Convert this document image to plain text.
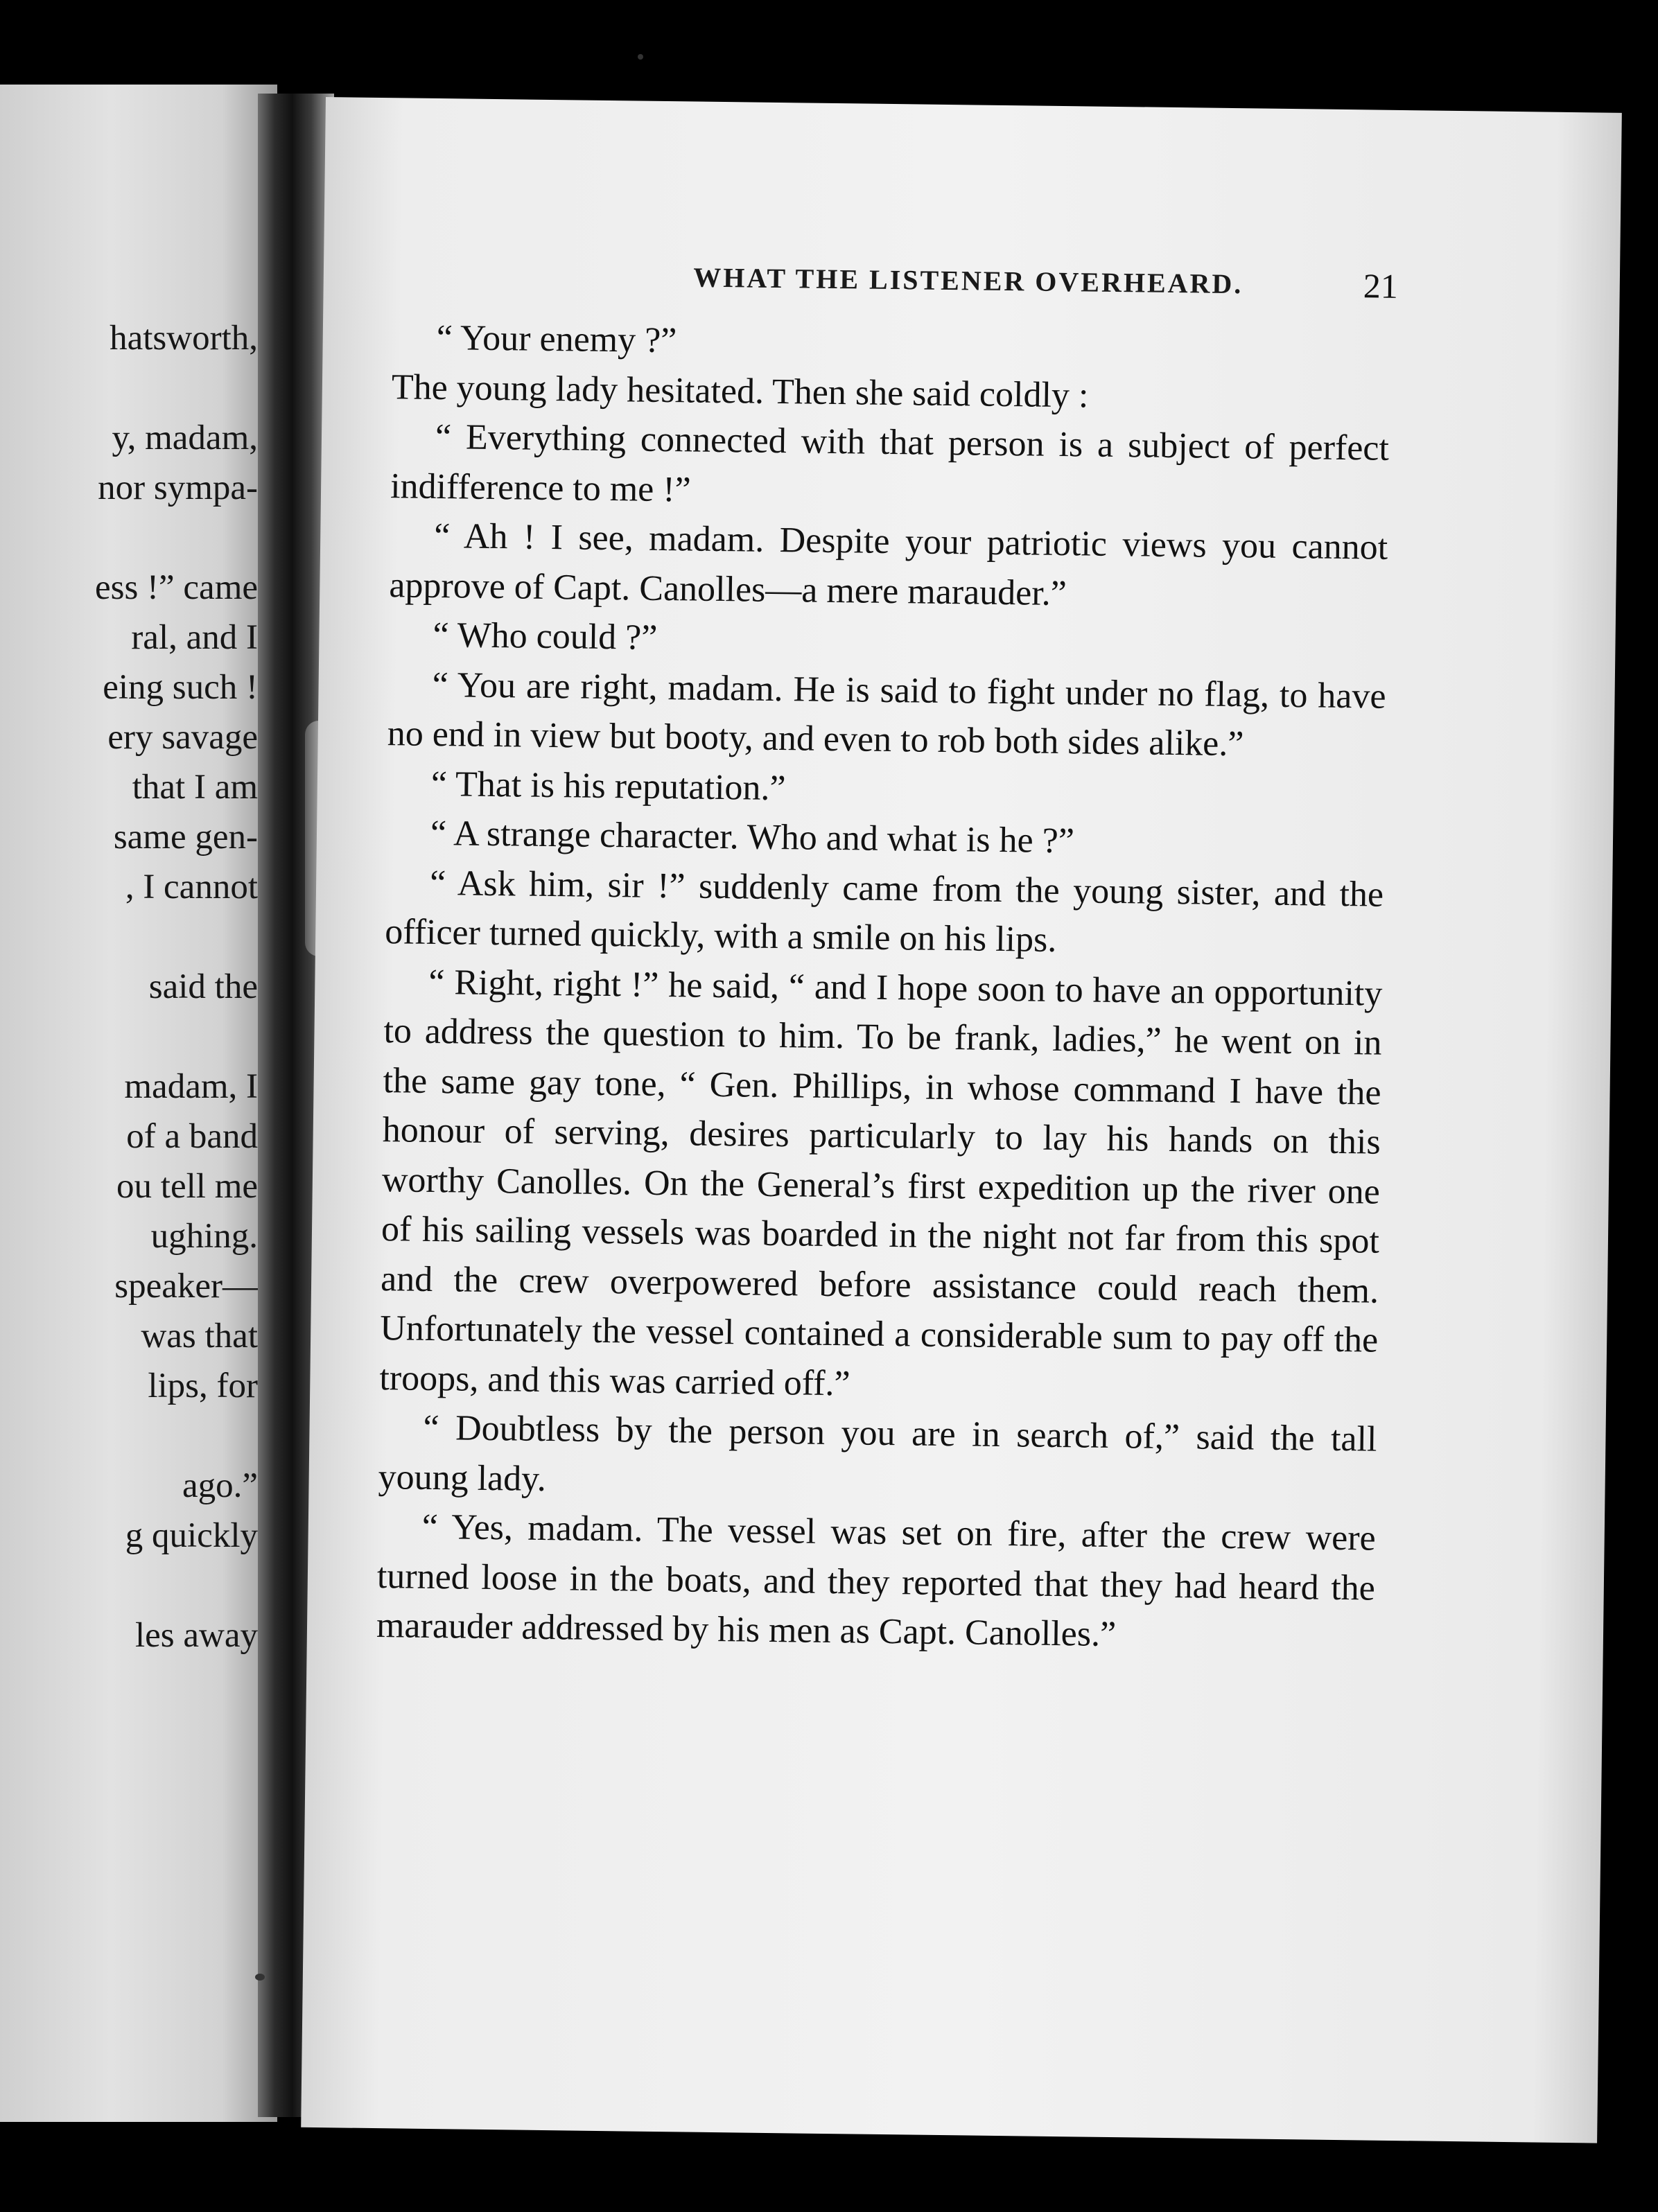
hatsworth,
y, madam,
nor sympa-
ess !” came
ral, and I
eing such !
ery savage
that I am
same gen-
, I cannot
said the
madam, I
of a band
ou tell me
ughing.
speaker—
was that
lips, for
ago.”
g quickly
les away
WHAT THE LISTENER OVERHEARD.	21

“ Your enemy ?”

The young lady hesitated. Then she said coldly :

“ Everything connected with that person is a subject of perfect indifference to me !”

“ Ah ! I see, madam. Despite your patriotic views you cannot approve of Capt. Canolles—a mere marauder.”

“ Who could ?”

“ You are right, madam. He is said to fight under no flag, to have no end in view but booty, and even to rob both sides alike.”

“ That is his reputation.”

“ A strange character. Who and what is he ?”

“ Ask him, sir !” suddenly came from the young sister, and the officer turned quickly, with a smile on his lips.

“ Right, right !” he said, “ and I hope soon to have an opportunity to address the question to him. To be frank, ladies,” he went on in the same gay tone, “ Gen. Phillips, in whose command I have the honour of serving, desires particularly to lay his hands on this worthy Canolles. On the General’s first expedition up the river one of his sailing vessels was boarded in the night not far from this spot and the crew overpowered before assistance could reach them. Unfortunately the vessel contained a considerable sum to pay off the troops, and this was carried off.”

“ Doubtless by the person you are in search of,” said the tall young lady.

“ Yes, madam. The vessel was set on fire, after the crew were turned loose in the boats, and they reported that they had heard the marauder addressed by his men as Capt. Canolles.”
